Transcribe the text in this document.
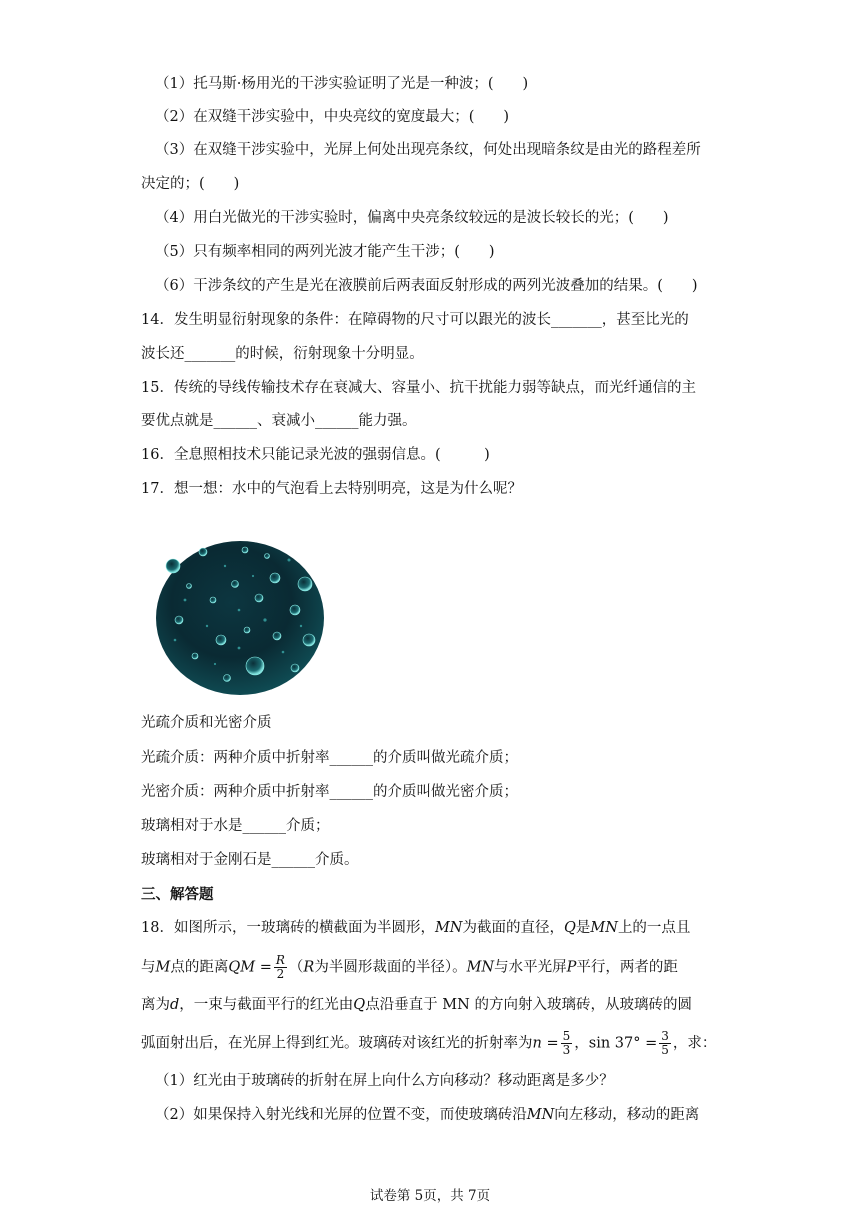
（1）托马斯·杨用光的干涉实验证明了光是一种波；(　　)
（2）在双缝干涉实验中，中央亮纹的宽度最大；(　　)
（3）在双缝干涉实验中，光屏上何处出现亮条纹，何处出现暗条纹是由光的路程差所
决定的；(　　)
（4）用白光做光的干涉实验时，偏离中央亮条纹较远的是波长较长的光；(　　)
（5）只有频率相同的两列光波才能产生干涉；(　　)
（6）干涉条纹的产生是光在液膜前后两表面反射形成的两列光波叠加的结果。(　　)
14．发生明显衍射现象的条件：在障碍物的尺寸可以跟光的波长_______，甚至比光的
波长还_______的时候，衍射现象十分明显。
15．传统的导线传输技术存在衰减大、容量小、抗干扰能力弱等缺点，而光纤通信的主
要优点就是______、衰减小______能力强。
16．全息照相技术只能记录光波的强弱信息。(　　　)
17．想一想：水中的气泡看上去特别明亮，这是为什么呢？
光疏介质和光密介质
光疏介质：两种介质中折射率______的介质叫做光疏介质；
光密介质：两种介质中折射率______的介质叫做光密介质；
玻璃相对于水是______介质；
玻璃相对于金刚石是______介质。
三、解答题
18．如图所示，一玻璃砖的横截面为半圆形，MN为截面的直径，Q是MN上的一点且
与M点的距离QM = $\frac{R}{2} (R$为半圆形裁面的半径）。MN与水平光屏P平行，两者的距
离为d，一束与截面平行的红光由Q点沿垂直于 MN 的方向射入玻璃砖，从玻璃砖的圆
弧面射出后，在光屏上得到红光。玻璃砖对该红光的折射率为$n = \frac{5}{3}$ ，$\sin 37^\circ = \frac{3}{5}$ ，求：
（1）红光由于玻璃砖的折射在屏上向什么方向移动？移动距离是多少？
（2）如果保持入射光线和光屏的位置不变，而使玻璃砖沿MN向左移动，移动的距离
试卷第 5页，共 7页
